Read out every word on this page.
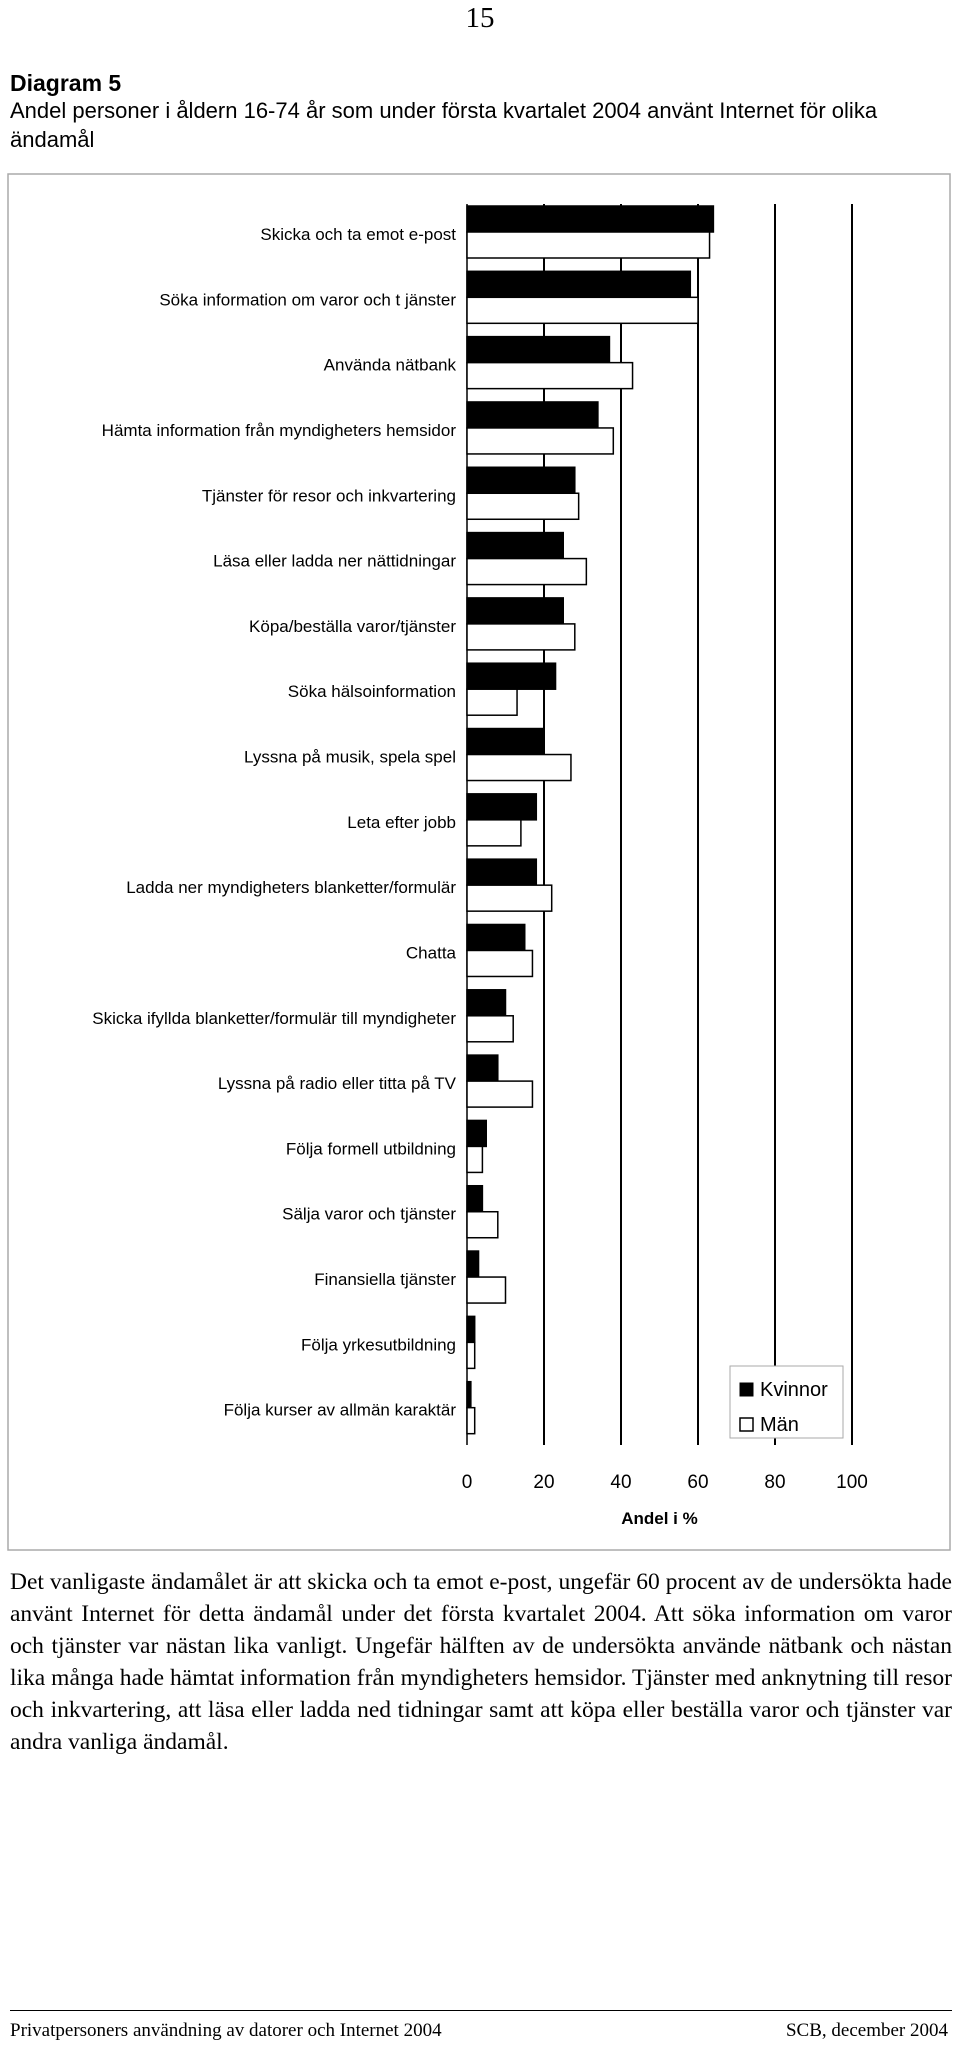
15
Diagram 5
Andel personer i åldern 16-74 år som under första kvartalet 2004 använt Internet för olika ändamål
Skicka och ta emot e-post
Söka information om varor och t jänster
Använda nätbank
Hämta information från myndigheters hemsidor
Tjänster för resor och inkvartering
Läsa eller ladda ner nättidningar
Köpa/beställa varor/tjänster
Söka hälsoinformation
Lyssna på musik, spela spel
Leta efter jobb
Ladda ner myndigheters blanketter/formulär
Chatta
Skicka ifyllda blanketter/formulär till myndigheter
Lyssna på radio eller titta på TV
Följa formell utbildning
Sälja varor och tjänster
Finansiella tjänster
Följa yrkesutbildning
Följa kurser av allmän karaktär
0	20	40	60	80	100
Andel i %
Kvinnor
Män
Det vanligaste ändamålet är att skicka och ta emot e-post, ungefär 60 procent av de undersökta hade använt Internet för detta ändamål under det första kvartalet 2004. Att söka information om varor och tjänster var nästan lika vanligt. Ungefär hälften av de undersökta använde nätbank och nästan lika många hade hämtat information från myndigheters hemsidor. Tjänster med anknytning till resor och inkvartering, att läsa eller ladda ned tidningar samt att köpa eller beställa varor och tjänster var andra vanliga ändamål.
Privatpersoners användning av datorer och Internet 2004	SCB, december 2004
